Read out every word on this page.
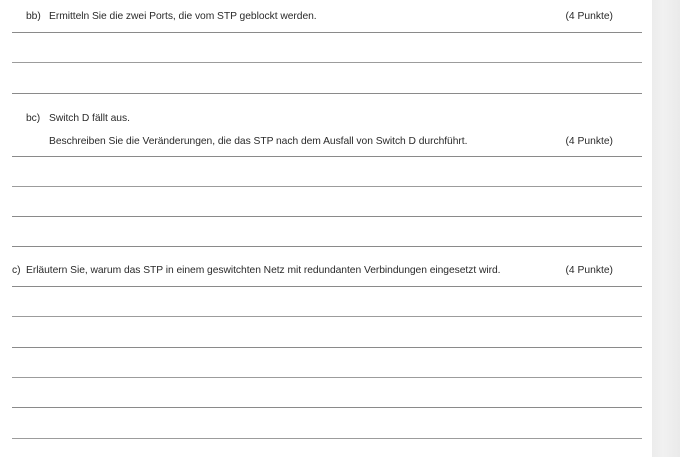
bb) Ermitteln Sie die zwei Ports, die vom STP geblockt werden.	(4 Punkte)
bc) Switch D fällt aus.
Beschreiben Sie die Veränderungen, die das STP nach dem Ausfall von Switch D durchführt.	(4 Punkte)
c) Erläutern Sie, warum das STP in einem geswitchten Netz mit redundanten Verbindungen eingesetzt wird.	(4 Punkte)
